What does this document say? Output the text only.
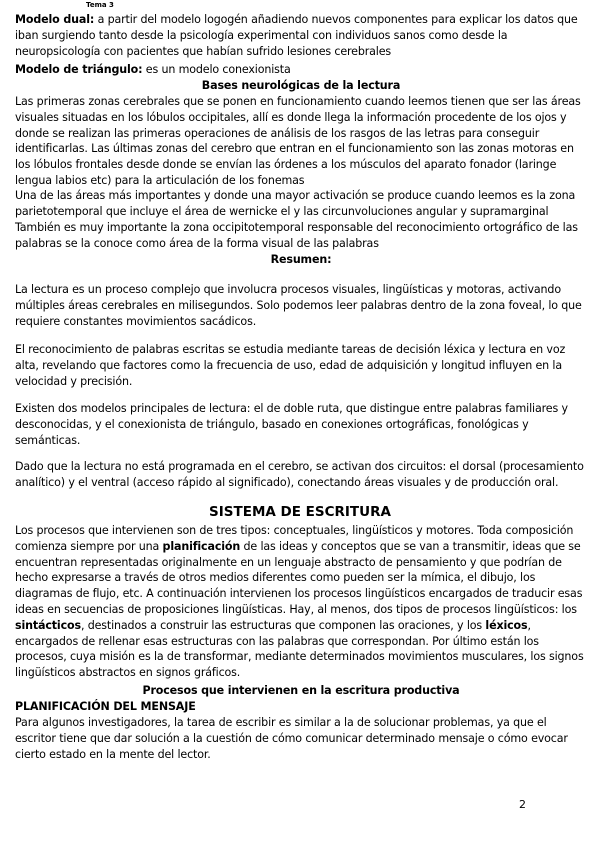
Tema 3

Modelo dual: a partir del modelo logogén añadiendo nuevos componentes para explicar los datos que iban surgiendo tanto desde la psicología experimental con individuos sanos como desde la neuropsicología con pacientes que habían sufrido lesiones cerebrales

Modelo de triángulo: es un modelo conexionista

Bases neurológicas de la lectura

Las primeras zonas cerebrales que se ponen en funcionamiento cuando leemos tienen que ser las áreas visuales situadas en los lóbulos occipitales, allí es donde llega la información procedente de los ojos y donde se realizan las primeras operaciones de análisis de los rasgos de las letras para conseguir identificarlas. Las últimas zonas del cerebro que entran en el funcionamiento son las zonas motoras en los lóbulos frontales desde donde se envían las órdenes a los músculos del aparato fonador (laringe lengua labios etc) para la articulación de los fonemas

Una de las áreas más importantes y donde una mayor activación se produce cuando leemos es la zona parietotemporal que incluye el área de wernicke el y las circunvoluciones angular y supramarginal

También es muy importante la zona occipitotemporal responsable del reconocimiento ortográfico de las palabras se la conoce como área de la forma visual de las palabras

Resumen:

La lectura es un proceso complejo que involucra procesos visuales, lingüísticas y motoras, activando múltiples áreas cerebrales en milisegundos. Solo podemos leer palabras dentro de la zona foveal, lo que requiere constantes movimientos sacádicos.

El reconocimiento de palabras escritas se estudia mediante tareas de decisión léxica y lectura en voz alta, revelando que factores como la frecuencia de uso, edad de adquisición y longitud influyen en la velocidad y precisión.

Existen dos modelos principales de lectura: el de doble ruta, que distingue entre palabras familiares y desconocidas, y el conexionista de triángulo, basado en conexiones ortográficas, fonológicas y semánticas.

Dado que la lectura no está programada en el cerebro, se activan dos circuitos: el dorsal (procesamiento analítico) y el ventral (acceso rápido al significado), conectando áreas visuales y de producción oral.

SISTEMA DE ESCRITURA

Los procesos que intervienen son de tres tipos: conceptuales, lingüísticos y motores. Toda composición comienza siempre por una planificación de las ideas y conceptos que se van a transmitir, ideas que se encuentran representadas originalmente en un lenguaje abstracto de pensamiento y que podrían de hecho expresarse a través de otros medios diferentes como pueden ser la mímica, el dibujo, los diagramas de flujo, etc. A continuación intervienen los procesos lingüísticos encargados de traducir esas ideas en secuencias de proposiciones lingüísticas. Hay, al menos, dos tipos de procesos lingüísticos: los sintácticos, destinados a construir las estructuras que componen las oraciones, y los léxicos, encargados de rellenar esas estructuras con las palabras que correspondan. Por último están los procesos, cuya misión es la de transformar, mediante determinados movimientos musculares, los signos lingüísticos abstractos en signos gráficos.

Procesos que intervienen en la escritura productiva

PLANIFICACIÓN DEL MENSAJE

Para algunos investigadores, la tarea de escribir es similar a la de solucionar problemas, ya que el escritor tiene que dar solución a la cuestión de cómo comunicar determinado mensaje o cómo evocar cierto estado en la mente del lector.

2
